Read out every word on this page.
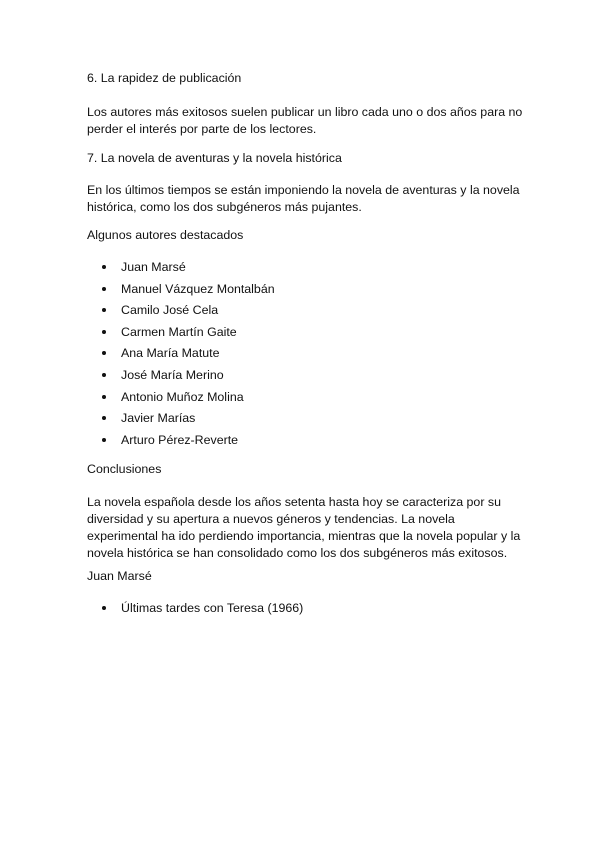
6. La rapidez de publicación

Los autores más exitosos suelen publicar un libro cada uno o dos años para no
perder el interés por parte de los lectores.

7. La novela de aventuras y la novela histórica

En los últimos tiempos se están imponiendo la novela de aventuras y la novela
histórica, como los dos subgéneros más pujantes.

Algunos autores destacados

Juan Marsé
Manuel Vázquez Montalbán
Camilo José Cela
Carmen Martín Gaite
Ana María Matute
José María Merino
Antonio Muñoz Molina
Javier Marías
Arturo Pérez-Reverte

Conclusiones

La novela española desde los años setenta hasta hoy se caracteriza por su
diversidad y su apertura a nuevos géneros y tendencias. La novela
experimental ha ido perdiendo importancia, mientras que la novela popular y la
novela histórica se han consolidado como los dos subgéneros más exitosos.

Juan Marsé

Últimas tardes con Teresa (1966)
